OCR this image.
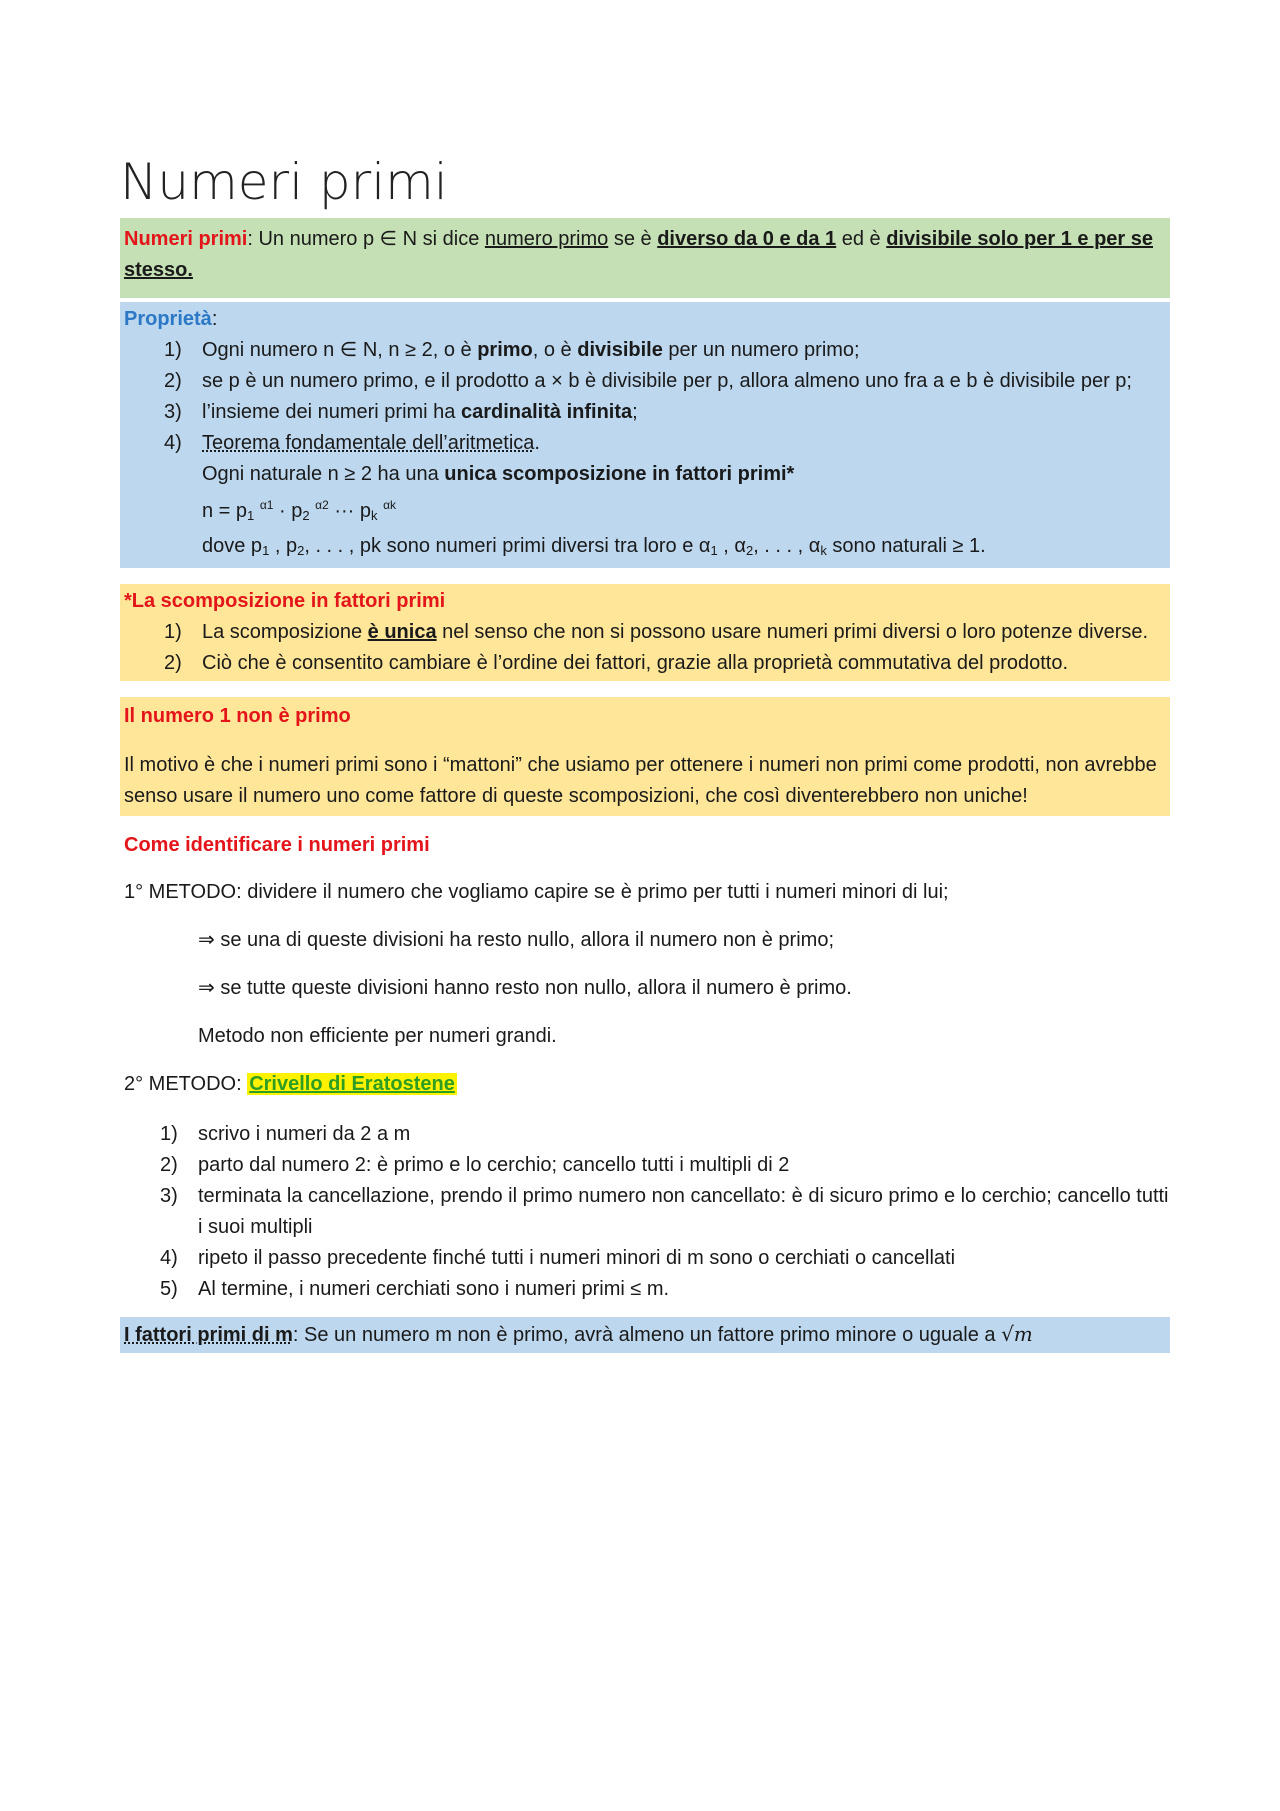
Numeri primi
Numeri primi: Un numero p ∈ N si dice numero primo se è diverso da 0 e da 1 ed è divisibile solo per 1 e per se stesso.
Proprietà:
1) Ogni numero n ∈ N, n ≥ 2, o è primo, o è divisibile per un numero primo;
2) se p è un numero primo, e il prodotto a × b è divisibile per p, allora almeno uno fra a e b è divisibile per p;
3) l’insieme dei numeri primi ha cardinalità infinita;
4) Teorema fondamentale dell’aritmetica.
Ogni naturale n ≥ 2 ha una unica scomposizione in fattori primi*
$n = p_1$ $^{\alpha 1} \cdot p_2$ $^{\alpha 2}$ ··· $p_k$ $^{\alpha k}$
dove $p_1$ , $p_2$, . . . , pk sono numeri primi diversi tra loro e $\alpha_1$ , $\alpha_2$, . . . , $\alpha_k$ sono naturali ≥ 1.
*La scomposizione in fattori primi
1) La scomposizione è unica nel senso che non si possono usare numeri primi diversi o loro potenze diverse.
2) Ciò che è consentito cambiare è l’ordine dei fattori, grazie alla proprietà commutativa del prodotto.
Il numero 1 non è primo
Il motivo è che i numeri primi sono i “mattoni” che usiamo per ottenere i numeri non primi come prodotti, non avrebbe senso usare il numero uno come fattore di queste scomposizioni, che così diventerebbero non uniche!
Come identificare i numeri primi
1° METODO: dividere il numero che vogliamo capire se è primo per tutti i numeri minori di lui;
⇒ se una di queste divisioni ha resto nullo, allora il numero non è primo;
⇒ se tutte queste divisioni hanno resto non nullo, allora il numero è primo.
Metodo non efficiente per numeri grandi.
2° METODO: Crivello di Eratostene
1) scrivo i numeri da 2 a m
2) parto dal numero 2: è primo e lo cerchio; cancello tutti i multipli di 2
3) terminata la cancellazione, prendo il primo numero non cancellato: è di sicuro primo e lo cerchio; cancello tutti i suoi multipli
4) ripeto il passo precedente finché tutti i numeri minori di m sono o cerchiati o cancellati
5) Al termine, i numeri cerchiati sono i numeri primi ≤ m.
I fattori primi di m: Se un numero m non è primo, avrà almeno un fattore primo minore o uguale a √m
